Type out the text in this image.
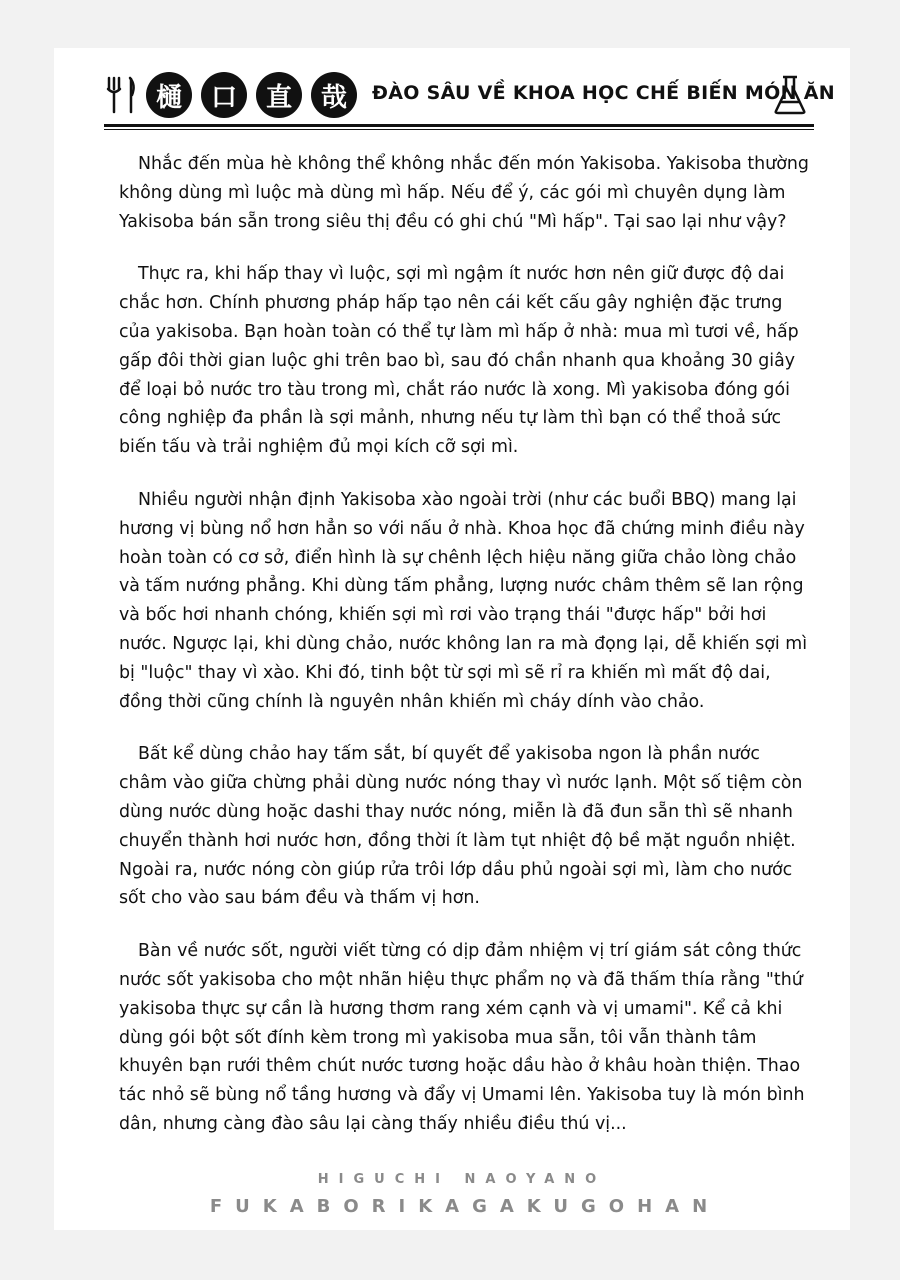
樋	口	直	哉	ĐÀO SÂU VỀ KHOA HỌC CHẾ BIẾN MÓN ĂN

Nhắc đến mùa hè không thể không nhắc đến món Yakisoba. Yakisoba thường không dùng mì luộc mà dùng mì hấp. Nếu để ý, các gói mì chuyên dụng làm Yakisoba bán sẵn trong siêu thị đều có ghi chú "Mì hấp". Tại sao lại như vậy?

Thực ra, khi hấp thay vì luộc, sợi mì ngậm ít nước hơn nên giữ được độ dai chắc hơn. Chính phương pháp hấp tạo nên cái kết cấu gây nghiện đặc trưng của yakisoba. Bạn hoàn toàn có thể tự làm mì hấp ở nhà: mua mì tươi về, hấp gấp đôi thời gian luộc ghi trên bao bì, sau đó chần nhanh qua khoảng 30 giây để loại bỏ nước tro tàu trong mì, chắt ráo nước là xong. Mì yakisoba đóng gói công nghiệp đa phần là sợi mảnh, nhưng nếu tự làm thì bạn có thể thoả sức biến tấu và trải nghiệm đủ mọi kích cỡ sợi mì.

Nhiều người nhận định Yakisoba xào ngoài trời (như các buổi BBQ) mang lại hương vị bùng nổ hơn hẳn so với nấu ở nhà. Khoa học đã chứng minh điều này hoàn toàn có cơ sở, điển hình là sự chênh lệch hiệu năng giữa chảo lòng chảo và tấm nướng phẳng. Khi dùng tấm phẳng, lượng nước châm thêm sẽ lan rộng và bốc hơi nhanh chóng, khiến sợi mì rơi vào trạng thái "được hấp" bởi hơi nước. Ngược lại, khi dùng chảo, nước không lan ra mà đọng lại, dễ khiến sợi mì bị "luộc" thay vì xào. Khi đó, tinh bột từ sợi mì sẽ rỉ ra khiến mì mất độ dai, đồng thời cũng chính là nguyên nhân khiến mì cháy dính vào chảo.

Bất kể dùng chảo hay tấm sắt, bí quyết để yakisoba ngon là phần nước châm vào giữa chừng phải dùng nước nóng thay vì nước lạnh. Một số tiệm còn dùng nước dùng hoặc dashi thay nước nóng, miễn là đã đun sẵn thì sẽ nhanh chuyển thành hơi nước hơn, đồng thời ít làm tụt nhiệt độ bề mặt nguồn nhiệt. Ngoài ra, nước nóng còn giúp rửa trôi lớp dầu phủ ngoài sợi mì, làm cho nước sốt cho vào sau bám đều và thấm vị hơn.

Bàn về nước sốt, người viết từng có dịp đảm nhiệm vị trí giám sát công thức nước sốt yakisoba cho một nhãn hiệu thực phẩm nọ và đã thấm thía rằng "thứ yakisoba thực sự cần là hương thơm rang xém cạnh và vị umami". Kể cả khi dùng gói bột sốt đính kèm trong mì yakisoba mua sẵn, tôi vẫn thành tâm khuyên bạn rưới thêm chút nước tương hoặc dầu hào ở khâu hoàn thiện. Thao tác nhỏ sẽ bùng nổ tầng hương và đẩy vị Umami lên. Yakisoba tuy là món bình dân, nhưng càng đào sâu lại càng thấy nhiều điều thú vị...

HIGUCHI NAOYANO
FUKABORIKAGAKUGOHAN
